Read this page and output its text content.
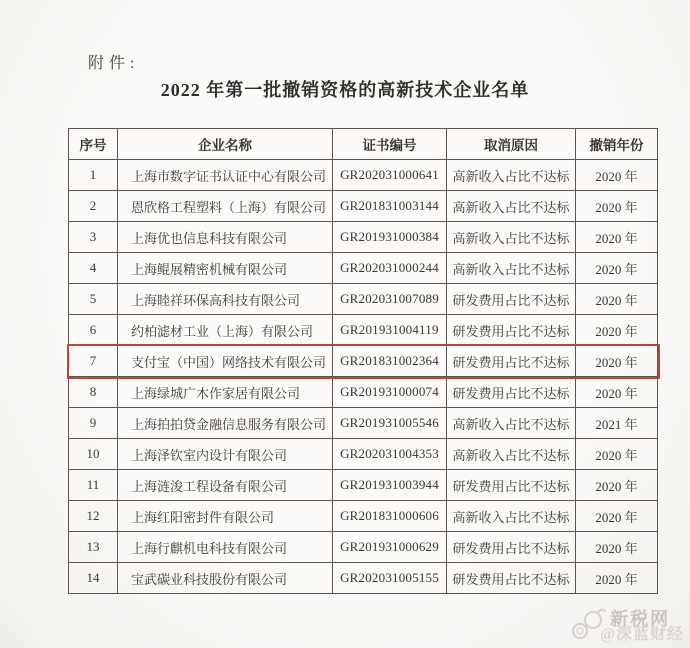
附件:
2022 年第一批撤销资格的高新技术企业名单
序号	企业名称	证书编号	取消原因	撤销年份
1	上海市数字证书认证中心有限公司	GR202031000641	高新收入占比不达标	2020 年
2	恩欣格工程塑料（上海）有限公司	GR201831003144	高新收入占比不达标	2020 年
3	上海优也信息科技有限公司	GR201931000384	高新收入占比不达标	2020 年
4	上海鲲展精密机械有限公司	GR202031000244	高新收入占比不达标	2020 年
5	上海睦祥环保高科技有限公司	GR202031007089	研发费用占比不达标	2020 年
6	约柏滤材工业（上海）有限公司	GR201931004119	研发费用占比不达标	2020 年
7	支付宝（中国）网络技术有限公司	GR201831002364	研发费用占比不达标	2020 年
8	上海绿城广木作家居有限公司	GR201931000074	研发费用占比不达标	2020 年
9	上海拍拍贷金融信息服务有限公司	GR201931005546	高新收入占比不达标	2021 年
10	上海泽钦室内设计有限公司	GR202031004353	高新收入占比不达标	2020 年
11	上海涟浚工程设备有限公司	GR201931003944	研发费用占比不达标	2020 年
12	上海红阳密封件有限公司	GR201831000606	高新收入占比不达标	2020 年
13	上海行麒机电科技有限公司	GR201931000629	研发费用占比不达标	2020 年
14	宝武碳业科技股份有限公司	GR202031005155	研发费用占比不达标	2020 年
新税网
@深蓝财经
